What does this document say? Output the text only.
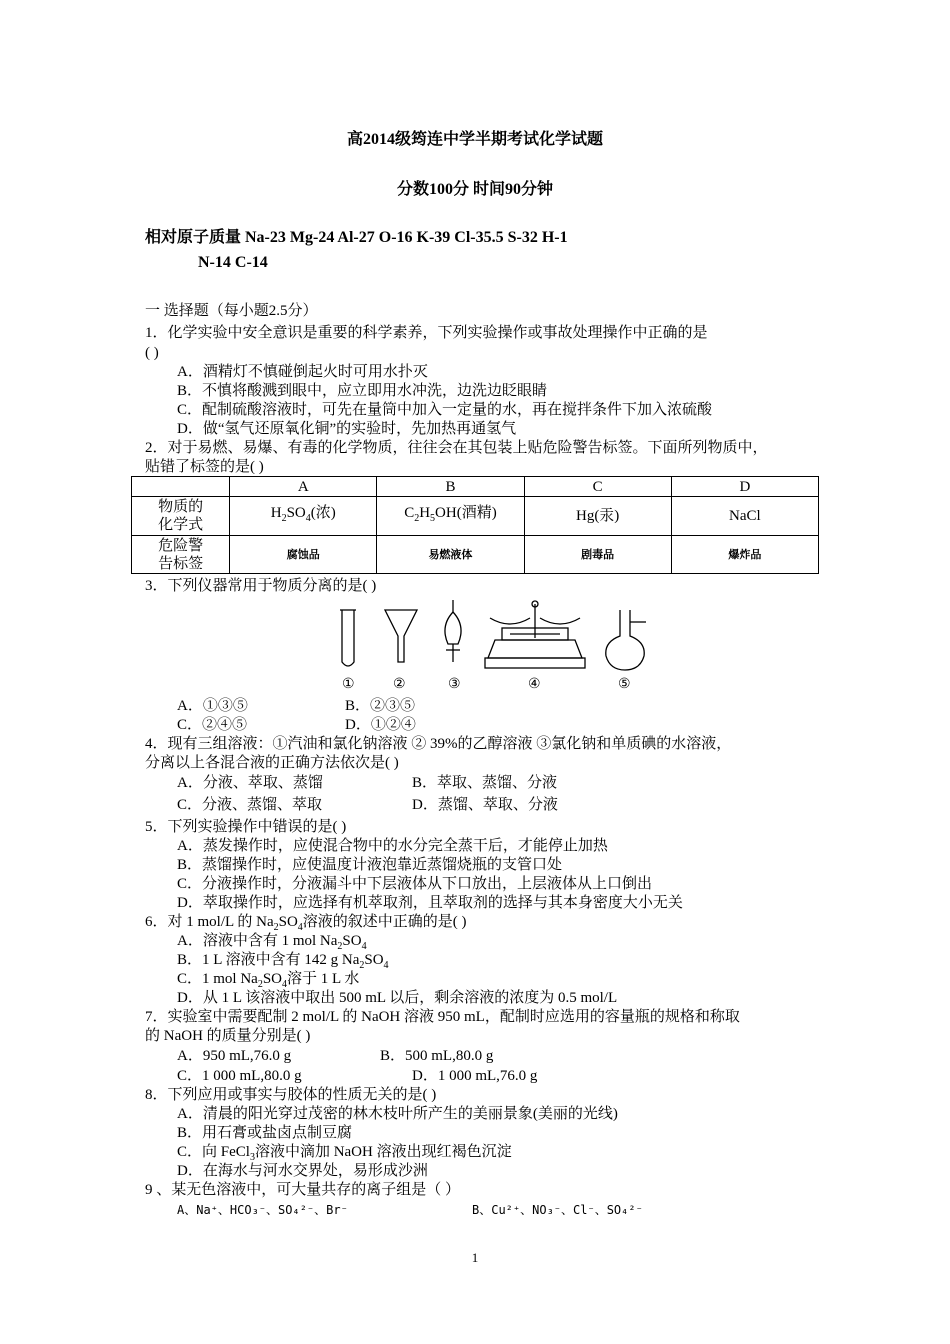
高2014级筠连中学半期考试化学试题
分数100分 时间90分钟
相对原子质量 Na-23 Mg-24 Al-27 O-16 K-39 Cl-35.5 S-32 H-1
N-14 C-14
一 选择题（每小题2.5分）
1．化学实验中安全意识是重要的科学素养，下列实验操作或事故处理操作中正确的是
( )
A．酒精灯不慎碰倒起火时可用水扑灭
B．不慎将酸溅到眼中，应立即用水冲洗，边洗边眨眼睛
C．配制硫酸溶液时，可先在量筒中加入一定量的水，再在搅拌条件下加入浓硫酸
D．做“氢气还原氧化铜”的实验时，先加热再通氢气
2．对于易燃、易爆、有毒的化学物质，往往会在其包装上贴危险警告标签。下面所列物质中，
贴错了标签的是( )
	A	B	C	D
物质的
化学式	$H_2SO_4$(浓)	$C_2H_5OH$(酒精)	Hg(汞)	NaCl
危险警
告标签	腐蚀品	易燃液体	剧毒品	爆炸品
3．下列仪器常用于物质分离的是( )
①	②	③	④	⑤
A．①③⑤	B．②③⑤
C．②④⑤	D．①②④
4．现有三组溶液：①汽油和氯化钠溶液 ② 39%的乙醇溶液 ③氯化钠和单质碘的水溶液，
分离以上各混合液的正确方法依次是( )
A．分液、萃取、蒸馏	B．萃取、蒸馏、分液
C．分液、蒸馏、萃取	D．蒸馏、萃取、分液
5．下列实验操作中错误的是( )
A．蒸发操作时，应使混合物中的水分完全蒸干后，才能停止加热
B．蒸馏操作时，应使温度计液泡靠近蒸馏烧瓶的支管口处
C．分液操作时，分液漏斗中下层液体从下口放出，上层液体从上口倒出
D．萃取操作时，应选择有机萃取剂，且萃取剂的选择与其本身密度大小无关
6．对 1 mol/L 的 $Na_2SO_4$溶液的叙述中正确的是( )
A．溶液中含有 1 mol $Na_2SO_4$
B．1 L 溶液中含有 142 g $Na_2SO_4$
C．1 mol $Na_2SO_4$溶于 1 L 水
D．从 1 L 该溶液中取出 500 mL 以后，剩余溶液的浓度为 0.5 mol/L
7．实验室中需要配制 2 mol/L 的 NaOH 溶液 950 mL，配制时应选用的容量瓶的规格和称取
的 NaOH 的质量分别是( )
A．950 mL,76.0 g	B．500 mL,80.0 g
C．1 000 mL,80.0 g	D．1 000 mL,76.0 g
8．下列应用或事实与胶体的性质无关的是( )
A．清晨的阳光穿过茂密的林木枝叶所产生的美丽景象(美丽的光线)
B．用石膏或盐卤点制豆腐
C．向 FeCl$_3$溶液中滴加 NaOH 溶液出现红褐色沉淀
D．在海水与河水交界处，易形成沙洲
9 、某无色溶液中，可大量共存的离子组是（ ）
A、Na⁺、HCO₃⁻、SO₄²⁻、Br⁻	B、Cu²⁺、NO₃⁻、Cl⁻、SO₄²⁻
1
